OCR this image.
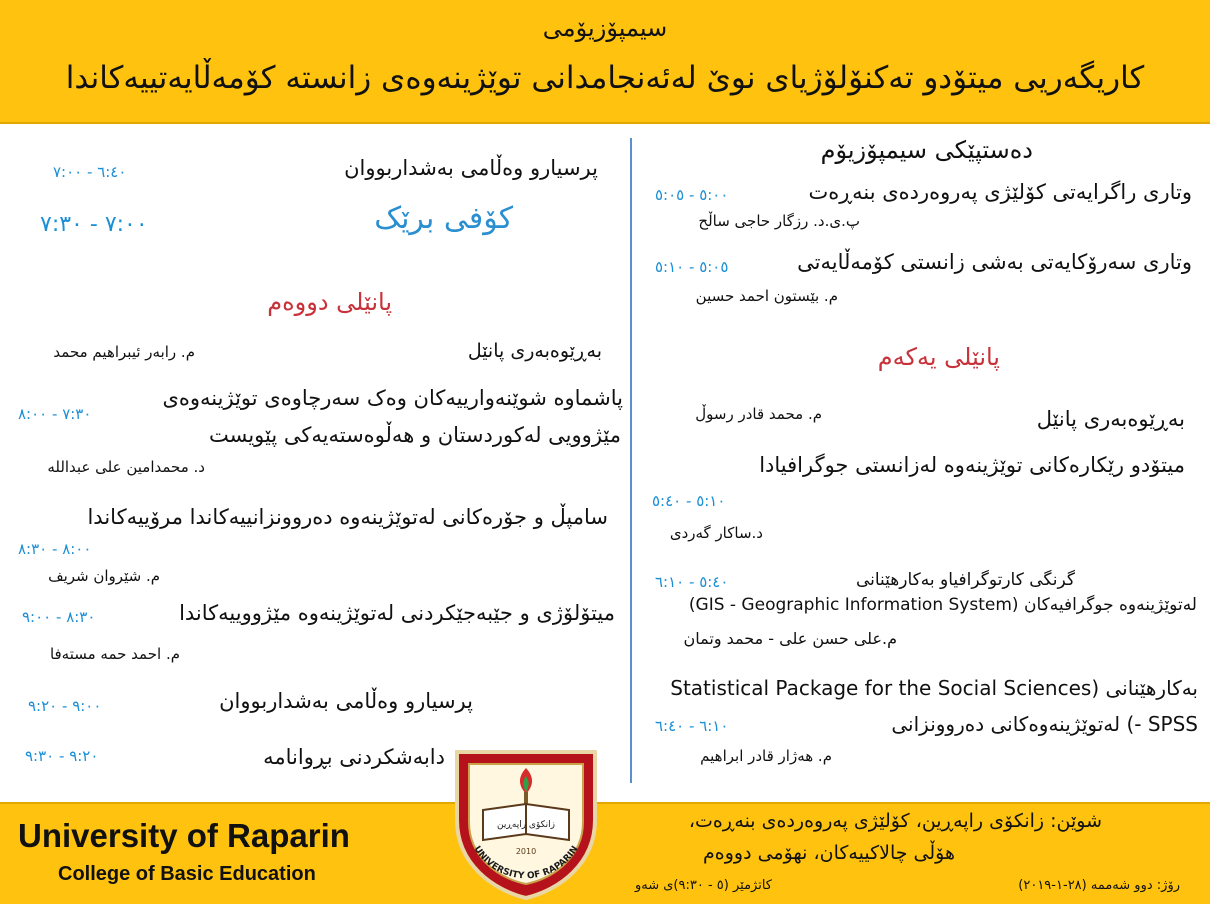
سیمپۆزیۆمی
کاریگەریی میتۆدو تەکنۆلۆژیای نوێ لەئەنجامدانی توێژینەوەی زانستە کۆمەڵایەتییەکاندا
دەستپێکی سیمپۆزیۆم
وتاری راگرایەتی کۆلێژی پەروەردەی بنەڕەت
٥:٠٠ - ٥:٠٥
پ.ی.د. رزگار حاجی ساڵح
وتاری سەرۆکایەتی بەشی زانستی کۆمەڵایەتی
٥:٠٥ - ٥:١٠
م. بێستون احمد حسین
پانێلی یەکەم
بەڕێوەبەری پانێل
م. محمد قادر رسوڵ
میتۆدو رێکارەکانی توێژینەوە لەزانستی جوگرافیادا
٥:١٠ - ٥:٤٠
د.ساکار گەردی
گرنگی کارتوگرافیاو بەکارهێنانی
٥:٤٠ - ٦:١٠
لەتوێژینەوە جوگرافیەکان (GIS - Geographic Information System)
م.علی حسن علی - محمد وتمان
بەکارهێنانی (Statistical Package for the Social Sciences
SPSS -) لەتوێژینەوەکانی دەروونزانی
٦:١٠ - ٦:٤٠
م. هەژار قادر ابراهیم
پرسیارو وەڵامی بەشداربووان
٦:٤٠ - ٧:٠٠
کۆفی برێک
٧:٠٠ - ٧:٣٠
پانێلی دووەم
بەڕێوەبەری پانێل
م. رابەر ئیبراهیم محمد
پاشماوە شوێنەوارییەکان وەک سەرچاوەی توێژینەوەی
مێژوویی لەکوردستان و هەڵوەستەیەکی پێویست
٧:٣٠ - ٨:٠٠
د. محمدامین علی عبدالله
سامپڵ و جۆرەکانی لەتوێژینەوە دەروونزانییەکاندا مرۆییەکاندا
٨:٠٠ - ٨:٣٠
م. شێروان شریف
میتۆلۆژی و جێبەجێکردنی لەتوێژینەوە مێژووییەکاندا
٨:٣٠ - ٩:٠٠
م. احمد حمە مستەفا
پرسیارو وەڵامی بەشداربووان
٩:٠٠ - ٩:٢٠
دابەشکردنی بڕوانامە
٩:٢٠ - ٩:٣٠
University of Raparin
College of Basic Education
شوێن: زانکۆی راپەڕین، کۆلێژی پەروەردەی بنەڕەت،
هۆڵی چالاکییەکان، نهۆمی دووەم
رۆژ: دوو شەممە (٢٨-١-٢٠١٩)
کاتژمێر (٥ - ٩:٣٠)ی شەو
زانكۆی راپەڕین
2010
UNIVERSITY OF RAPARIN
